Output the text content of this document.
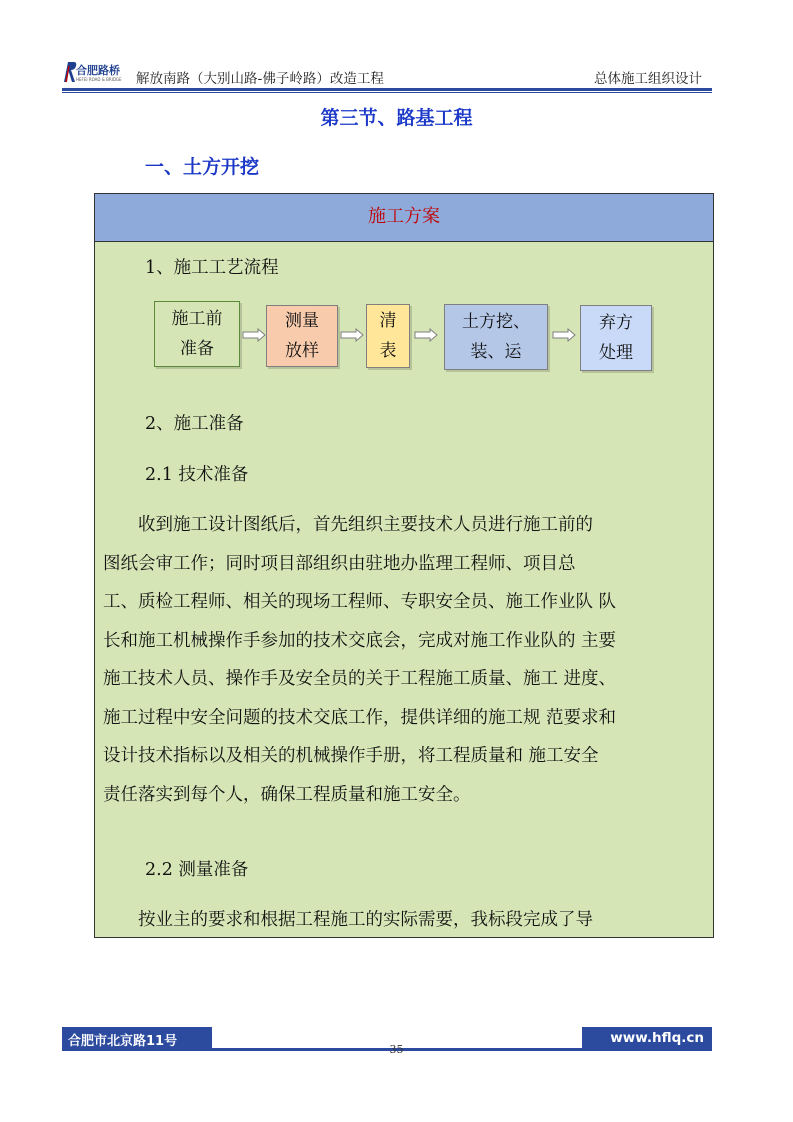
合肥路桥
HEFEI ROAD & BRIDGE 解放南路（大别山路-佛子岭路）改造工程	总体施工组织设计
第三节、路基工程
一、土方开挖
施工方案
1、施工工艺流程
施工前
准备
测量
放样
清
表
土方挖、
装、运
弃方
处理
2、施工准备
2.1 技术准备
　　收到施工设计图纸后，首先组织主要技术人员进行施工前的
图纸会审工作；同时项目部组织由驻地办监理工程师、项目总
工、质检工程师、相关的现场工程师、专职安全员、施工作业队 队
长和施工机械操作手参加的技术交底会，完成对施工作业队的 主要
施工技术人员、操作手及安全员的关于工程施工质量、施工 进度、
施工过程中安全问题的技术交底工作，提供详细的施工规 范要求和
设计技术指标以及相关的机械操作手册，将工程质量和 施工安全
责任落实到每个人，确保工程质量和施工安全。
2.2 测量准备
　　按业主的要求和根据工程施工的实际需要，我标段完成了导
合肥市北京路11号	www.hflq.cn
35
